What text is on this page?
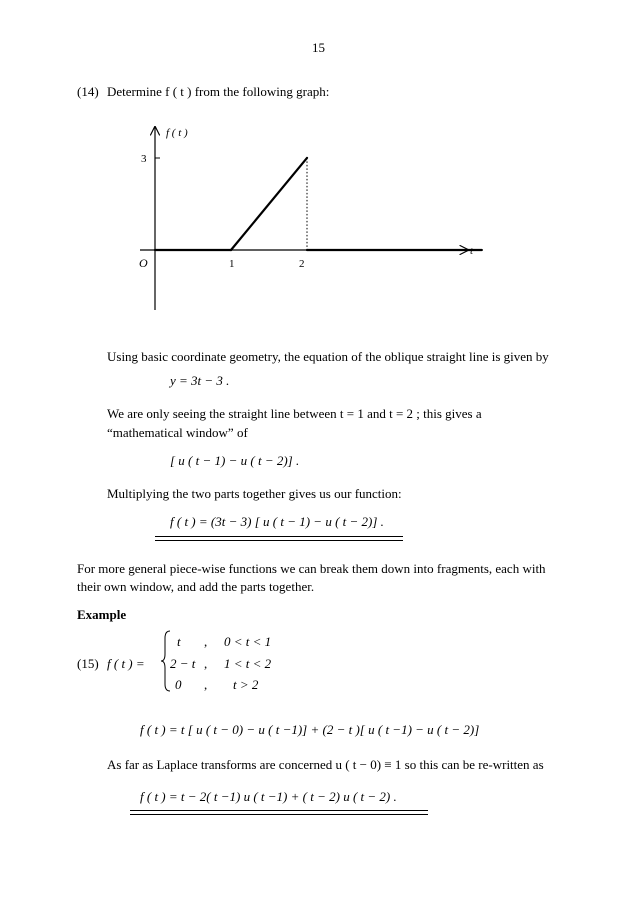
15
(14) Determine f ( t ) from the following graph:
f ( t )
t
O
3
1	2
Using basic coordinate geometry, the equation of the oblique straight line is given by
y = 3t − 3 .
We are only seeing the straight line between t = 1 and t = 2 ; this gives a
“mathematical window” of
[ u ( t − 1) − u ( t − 2)] .
Multiplying the two parts together gives us our function:
f ( t ) = (3t − 3) [ u ( t − 1) − u ( t − 2)] .
For more general piece-wise functions we can break them down into fragments, each with
their own window, and add the parts together.
Example
(15) f ( t ) =
t , 0 < t < 1
2 − t , 1 < t < 2
0 , t > 2
f ( t ) = t [ u ( t − 0) − u ( t −1)] + (2 − t )[ u ( t −1) − u ( t − 2)]
As far as Laplace transforms are concerned u ( t − 0) ≡ 1 so this can be re-written as
f ( t ) = t − 2( t −1) u ( t −1) + ( t − 2) u ( t − 2) .
